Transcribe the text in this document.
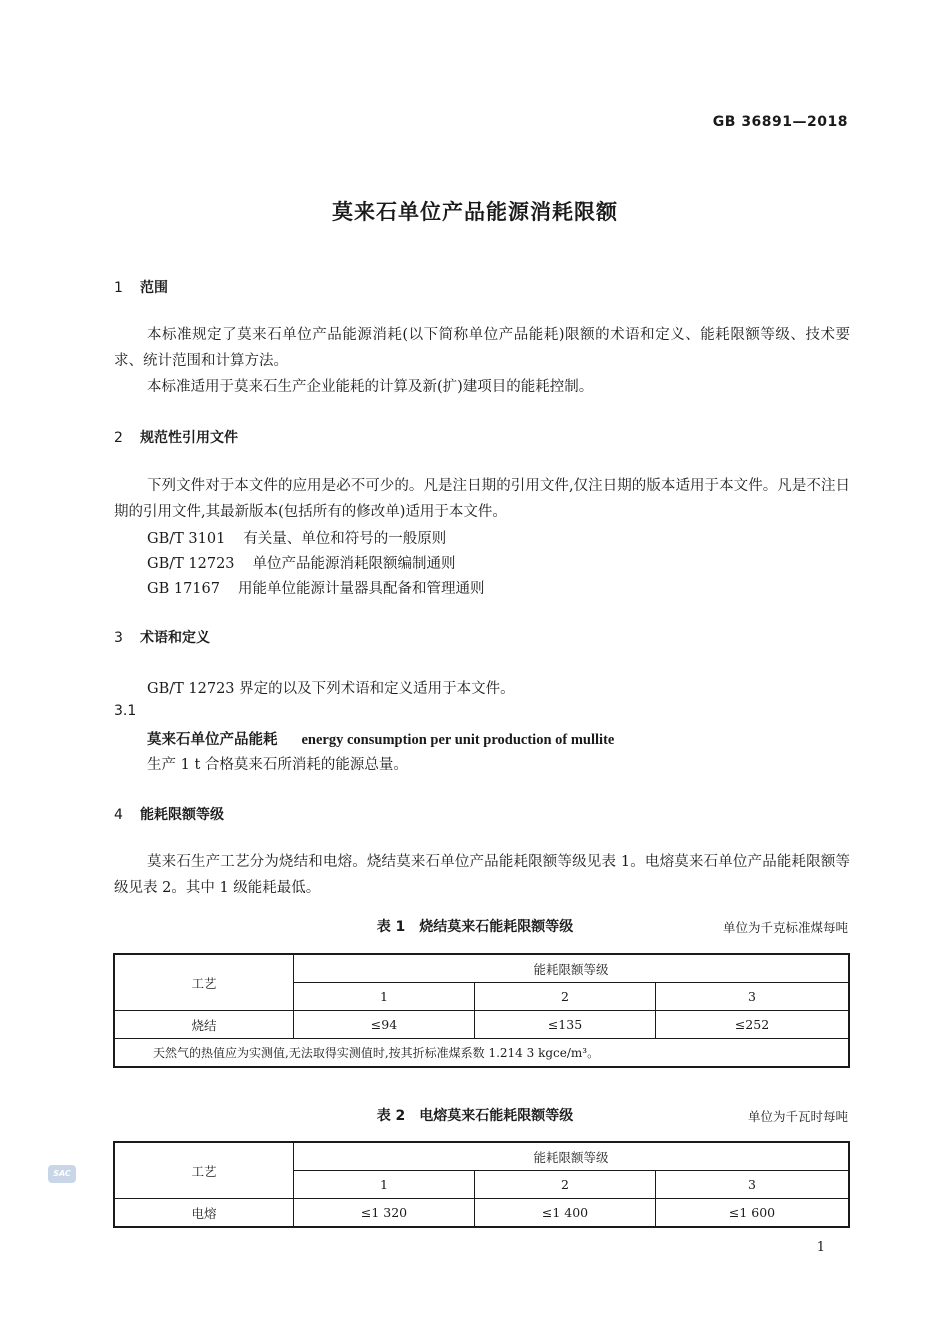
GB 36891—2018
莫来石单位产品能源消耗限额
1 范围

本标准规定了莫来石单位产品能源消耗(以下简称单位产品能耗)限额的术语和定义、能耗限额等级、技术要求、统计范围和计算方法。

本标准适用于莫来石生产企业能耗的计算及新(扩)建项目的能耗控制。

2 规范性引用文件

下列文件对于本文件的应用是必不可少的。凡是注日期的引用文件,仅注日期的版本适用于本文件。凡是不注日期的引用文件,其最新版本(包括所有的修改单)适用于本文件。

GB/T 3101 有关量、单位和符号的一般原则
GB/T 12723 单位产品能源消耗限额编制通则
GB 17167 用能单位能源计量器具配备和管理通则
3 术语和定义
GB/T 12723 界定的以及下列术语和定义适用于本文件。
3.1
莫来石单位产品能耗 energy consumption per unit production of mullite
生产 1 t 合格莫来石所消耗的能源总量。
4 能耗限额等级

莫来石生产工艺分为烧结和电熔。烧结莫来石单位产品能耗限额等级见表 1。电熔莫来石单位产品能耗限额等级见表 2。其中 1 级能耗最低。

表 1　烧结莫来石能耗限额等级	单位为千克标准煤每吨
工艺	能耗限额等级		
	1	2	3
烧结	≤94	≤135	≤252
天然气的热值应为实测值,无法取得实测值时,按其折标准煤系数 1.214 3 kgce/m³。			
表 2　电熔莫来石能耗限额等级	单位为千瓦时每吨
工艺	能耗限额等级		
	1	2	3
电熔	≤1 320	≤1 400	≤1 600
SAC
1
